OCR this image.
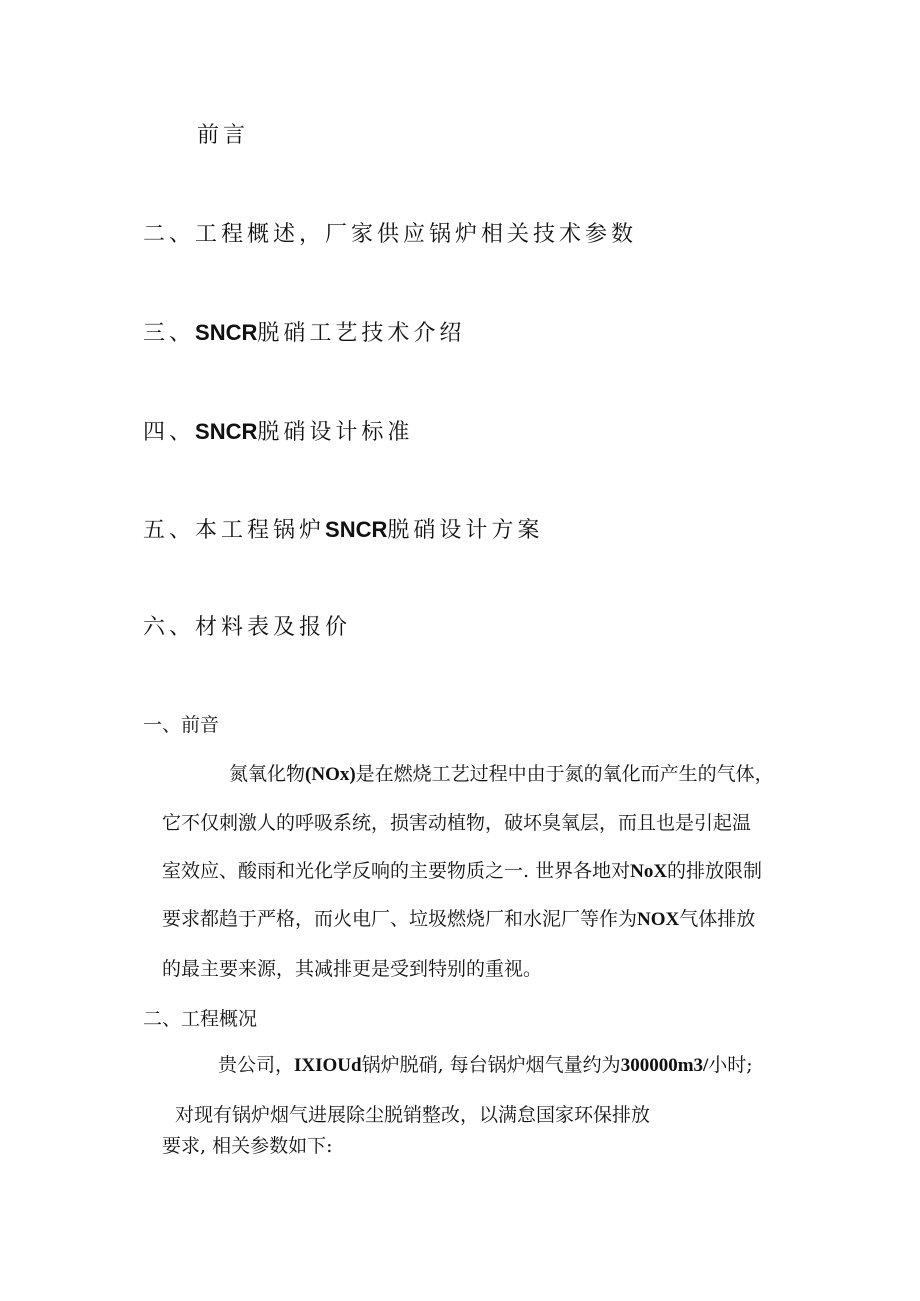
前言
二、工程概述，厂家供应锅炉相关技术参数
三、SNCR脱硝工艺技术介绍
四、SNCR脱硝设计标准
五、本工程锅炉SNCR脱硝设计方案
六、材料表及报价
一、前音
氮氧化物(NOx)是在燃烧工艺过程中由于氮的氧化而产生的气体，
它不仅刺激人的呼吸系统，损害动植物，破坏臭氧层，而且也是引起温
室效应、酸雨和光化学反响的主要物质之一. 世界各地对NoX的排放限制
要求都趋于严格，而火电厂、垃圾燃烧厂和水泥厂等作为NOX气体排放
的最主要来源，其减排更是受到特别的重视。
二、工程概况
贵公司，IXIOUd锅炉脱硝, 每台锅炉烟气量约为300000m3/小时;
对现有锅炉烟气进展除尘脱销整改，以满怠国家环保排放
要求, 相关参数如下:
